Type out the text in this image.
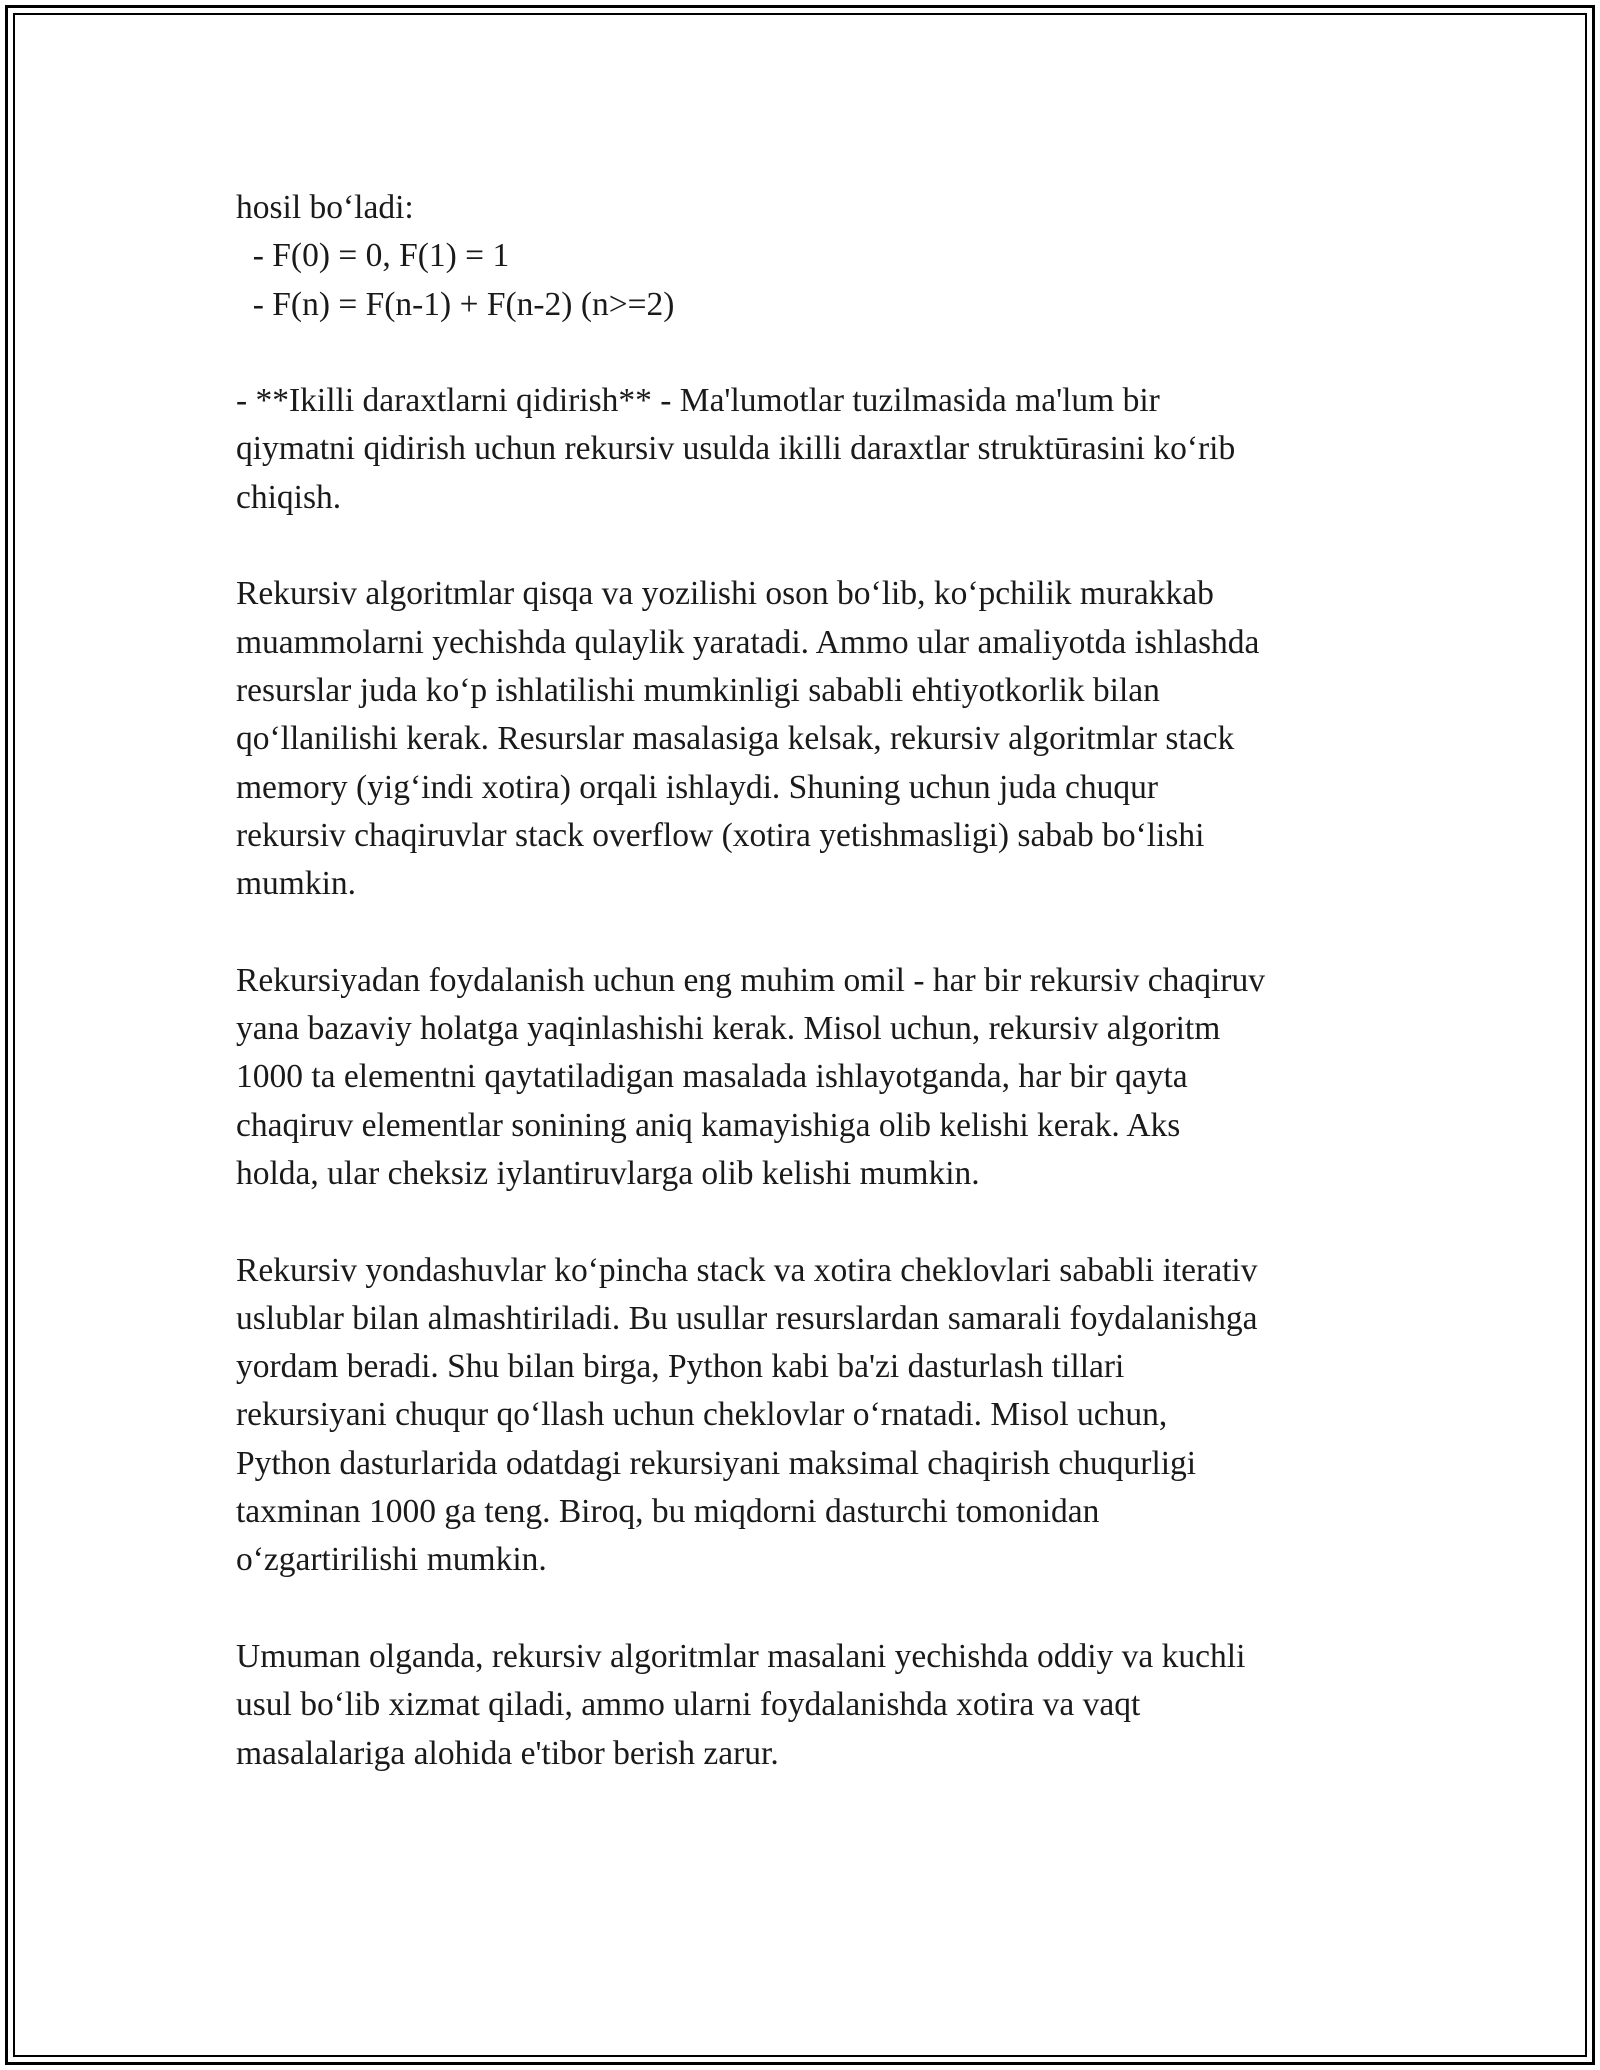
hosil bo‘ladi:
- F(0) = 0, F(1) = 1
- F(n) = F(n-1) + F(n-2) (n>=2)
- **Ikilli daraxtlarni qidirish** - Ma'lumotlar tuzilmasida ma'lum bir
qiymatni qidirish uchun rekursiv usulda ikilli daraxtlar struktūrasini ko‘rib
chiqish.
Rekursiv algoritmlar qisqa va yozilishi oson bo‘lib, ko‘pchilik murakkab
muammolarni yechishda qulaylik yaratadi. Ammo ular amaliyotda ishlashda
resurslar juda ko‘p ishlatilishi mumkinligi sababli ehtiyotkorlik bilan
qo‘llanilishi kerak. Resurslar masalasiga kelsak, rekursiv algoritmlar stack
memory (yig‘indi xotira) orqali ishlaydi. Shuning uchun juda chuqur
rekursiv chaqiruvlar stack overflow (xotira yetishmasligi) sabab bo‘lishi
mumkin.
Rekursiyadan foydalanish uchun eng muhim omil - har bir rekursiv chaqiruv
yana bazaviy holatga yaqinlashishi kerak. Misol uchun, rekursiv algoritm
1000 ta elementni qaytatiladigan masalada ishlayotganda, har bir qayta
chaqiruv elementlar sonining aniq kamayishiga olib kelishi kerak. Aks
holda, ular cheksiz iylantiruvlarga olib kelishi mumkin.
Rekursiv yondashuvlar ko‘pincha stack va xotira cheklovlari sababli iterativ
uslublar bilan almashtiriladi. Bu usullar resurslardan samarali foydalanishga
yordam beradi. Shu bilan birga, Python kabi ba'zi dasturlash tillari
rekursiyani chuqur qo‘llash uchun cheklovlar o‘rnatadi. Misol uchun,
Python dasturlarida odatdagi rekursiyani maksimal chaqirish chuqurligi
taxminan 1000 ga teng. Biroq, bu miqdorni dasturchi tomonidan
o‘zgartirilishi mumkin.
Umuman olganda, rekursiv algoritmlar masalani yechishda oddiy va kuchli
usul bo‘lib xizmat qiladi, ammo ularni foydalanishda xotira va vaqt
masalalariga alohida e'tibor berish zarur.
